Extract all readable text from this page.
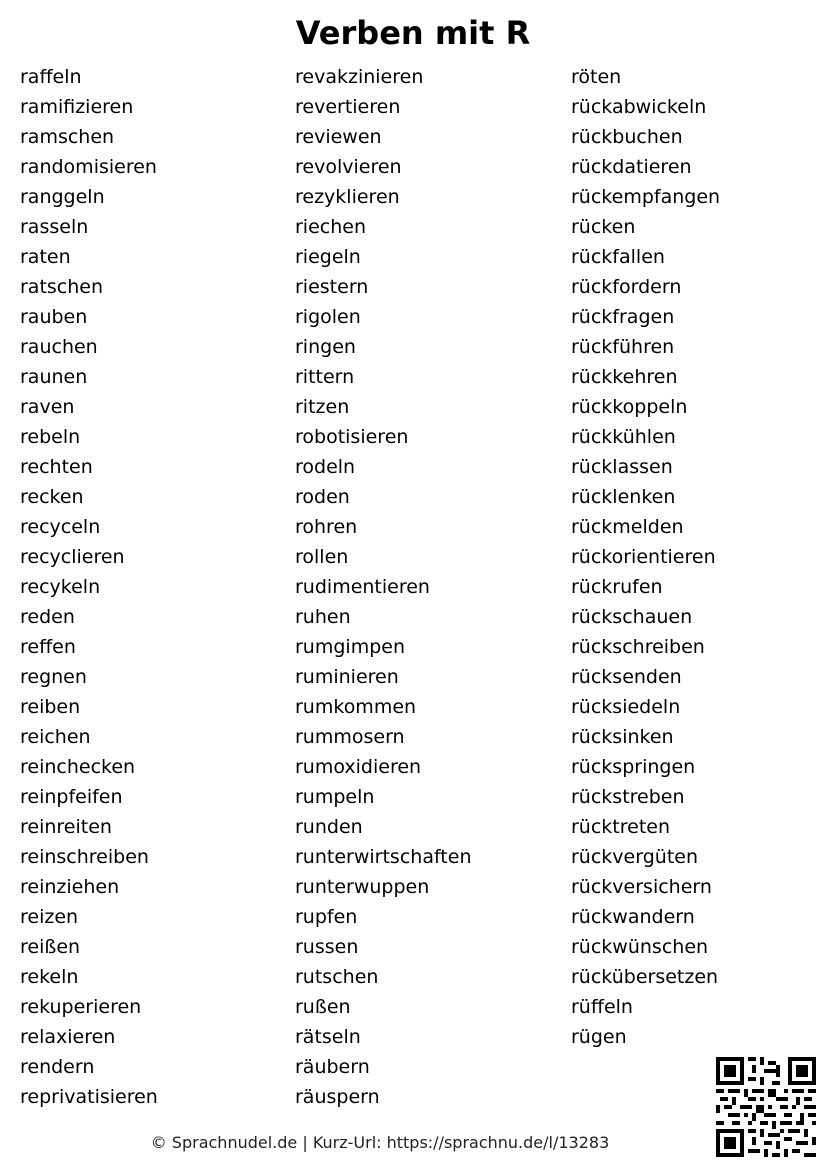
Verben mit R
raffeln
ramifizieren
ramschen
randomisieren
ranggeln
rasseln
raten
ratschen
rauben
rauchen
raunen
raven
rebeln
rechten
recken
recyceln
recyclieren
recykeln
reden
reffen
regnen
reiben
reichen
reinchecken
reinpfeifen
reinreiten
reinschreiben
reinziehen
reizen
reißen
rekeln
rekuperieren
relaxieren
rendern
reprivatisieren
revakzinieren
revertieren
reviewen
revolvieren
rezyklieren
riechen
riegeln
riestern
rigolen
ringen
rittern
ritzen
robotisieren
rodeln
roden
rohren
rollen
rudimentieren
ruhen
rumgimpen
ruminieren
rumkommen
rummosern
rumoxidieren
rumpeln
runden
runterwirtschaften
runterwuppen
rupfen
russen
rutschen
rußen
rätseln
räubern
räuspern
röten
rückabwickeln
rückbuchen
rückdatieren
rückempfangen
rücken
rückfallen
rückfordern
rückfragen
rückführen
rückkehren
rückkoppeln
rückkühlen
rücklassen
rücklenken
rückmelden
rückorientieren
rückrufen
rückschauen
rückschreiben
rücksenden
rücksiedeln
rücksinken
rückspringen
rückstreben
rücktreten
rückvergüten
rückversichern
rückwandern
rückwünschen
rückübersetzen
rüffeln
rügen
© Sprachnudel.de | Kurz-Url: https://sprachnu.de/l/13283
